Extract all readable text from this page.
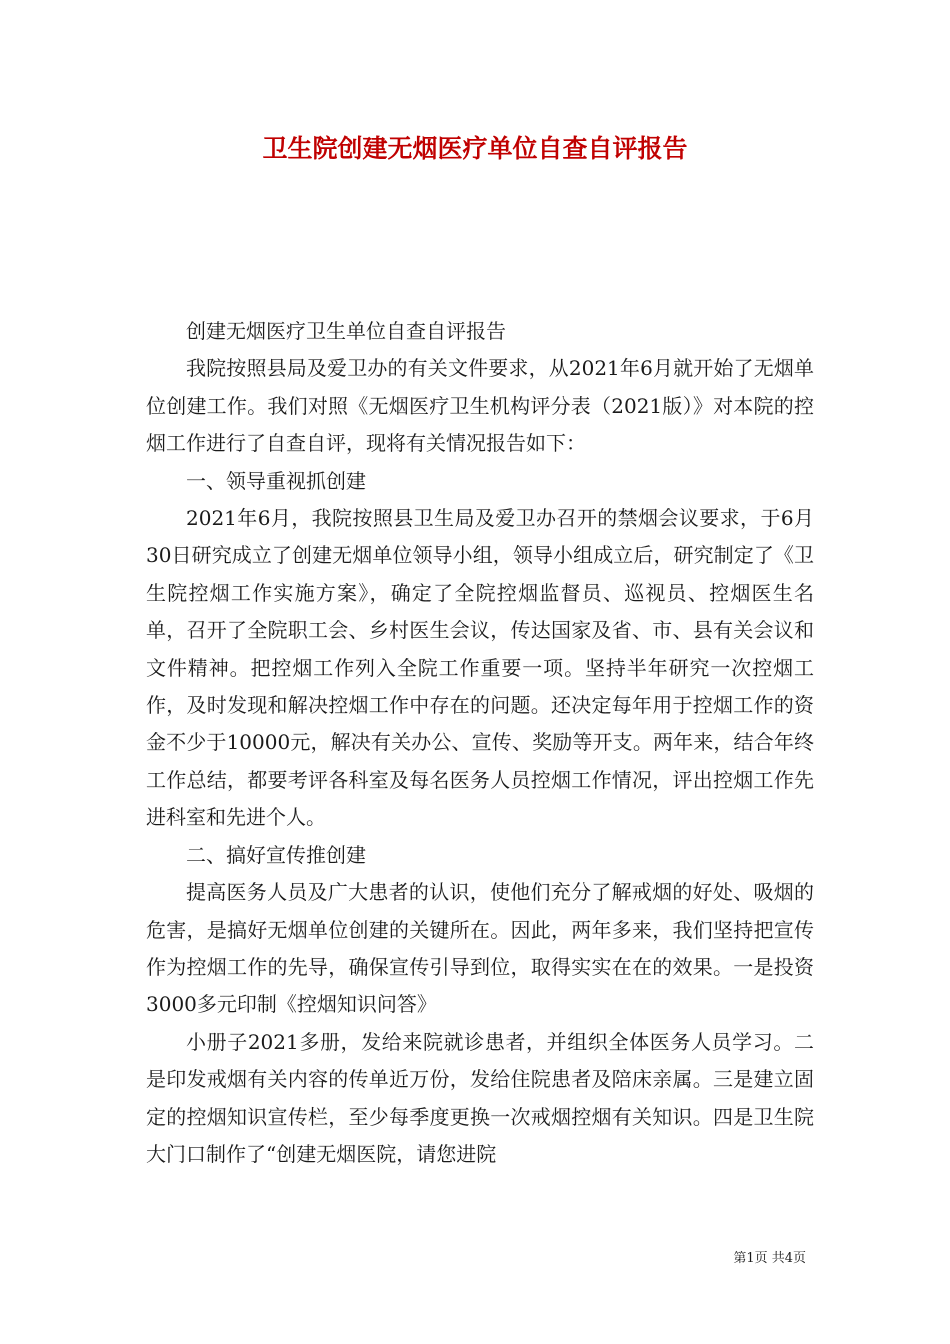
卫生院创建无烟医疗单位自查自评报告

创建无烟医疗卫生单位自查自评报告

我院按照县局及爱卫办的有关文件要求，从2021年6月就开始了无烟单位创建工作。我们对照《无烟医疗卫生机构评分表（2021版）》对本院的控烟工作进行了自查自评，现将有关情况报告如下：

一、领导重视抓创建

2021年6月，我院按照县卫生局及爱卫办召开的禁烟会议要求，于6月30日研究成立了创建无烟单位领导小组，领导小组成立后，研究制定了《卫生院控烟工作实施方案》，确定了全院控烟监督员、巡视员、控烟医生名单，召开了全院职工会、乡村医生会议，传达国家及省、市、县有关会议和文件精神。把控烟工作列入全院工作重要一项。坚持半年研究一次控烟工作，及时发现和解决控烟工作中存在的问题。还决定每年用于控烟工作的资金不少于10000元，解决有关办公、宣传、奖励等开支。两年来，结合年终工作总结，都要考评各科室及每名医务人员控烟工作情况，评出控烟工作先进科室和先进个人。

二、搞好宣传推创建

提高医务人员及广大患者的认识，使他们充分了解戒烟的好处、吸烟的危害，是搞好无烟单位创建的关键所在。因此，两年多来，我们坚持把宣传作为控烟工作的先导，确保宣传引导到位，取得实实在在的效果。一是投资3000多元印制《控烟知识问答》

小册子2021多册，发给来院就诊患者，并组织全体医务人员学习。二是印发戒烟有关内容的传单近万份，发给住院患者及陪床亲属。三是建立固定的控烟知识宣传栏，至少每季度更换一次戒烟控烟有关知识。四是卫生院大门口制作了“创建无烟医院，请您进院

第1页 共4页
